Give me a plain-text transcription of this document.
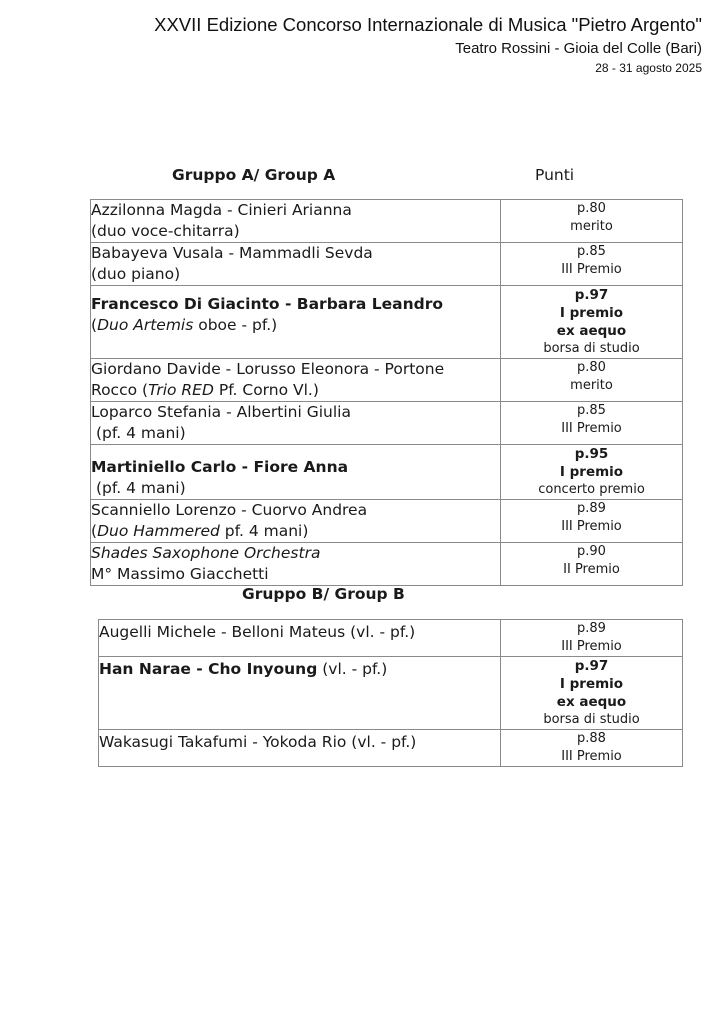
XXVII Edizione Concorso Internazionale di Musica "Pietro Argento"
Teatro Rossini - Gioia del Colle (Bari)
28 - 31 agosto 2025
Gruppo A/ Group A	Punti
Azzilonna Magda - Cinieri Arianna
(duo voce-chitarra)	p.80
merito

Babayeva Vusala - Mammadli Sevda
(duo piano)	p.85
III Premio

Francesco Di Giacinto - Barbara Leandro
(Duo Artemis oboe - pf.)	p.97
I premio
ex aequo
borsa di studio

Giordano Davide - Lorusso Eleonora - Portone
Rocco (Trio RED Pf. Corno Vl.)	p.80
merito

Loparco Stefania - Albertini Giulia
(pf. 4 mani)	p.85
III Premio

Martiniello Carlo - Fiore Anna
(pf. 4 mani)	p.95
I premio
concerto premio

Scanniello Lorenzo - Cuorvo Andrea
(Duo Hammered pf. 4 mani)	p.89
III Premio

Shades Saxophone Orchestra
M° Massimo Giacchetti	p.90
II Premio
Gruppo B/ Group B
Augelli Michele - Belloni Mateus (vl. - pf.)	p.89
III Premio

Han Narae - Cho Inyoung (vl. - pf.)	p.97
I premio
ex aequo
borsa di studio

Wakasugi Takafumi - Yokoda Rio (vl. - pf.)	p.88
III Premio
